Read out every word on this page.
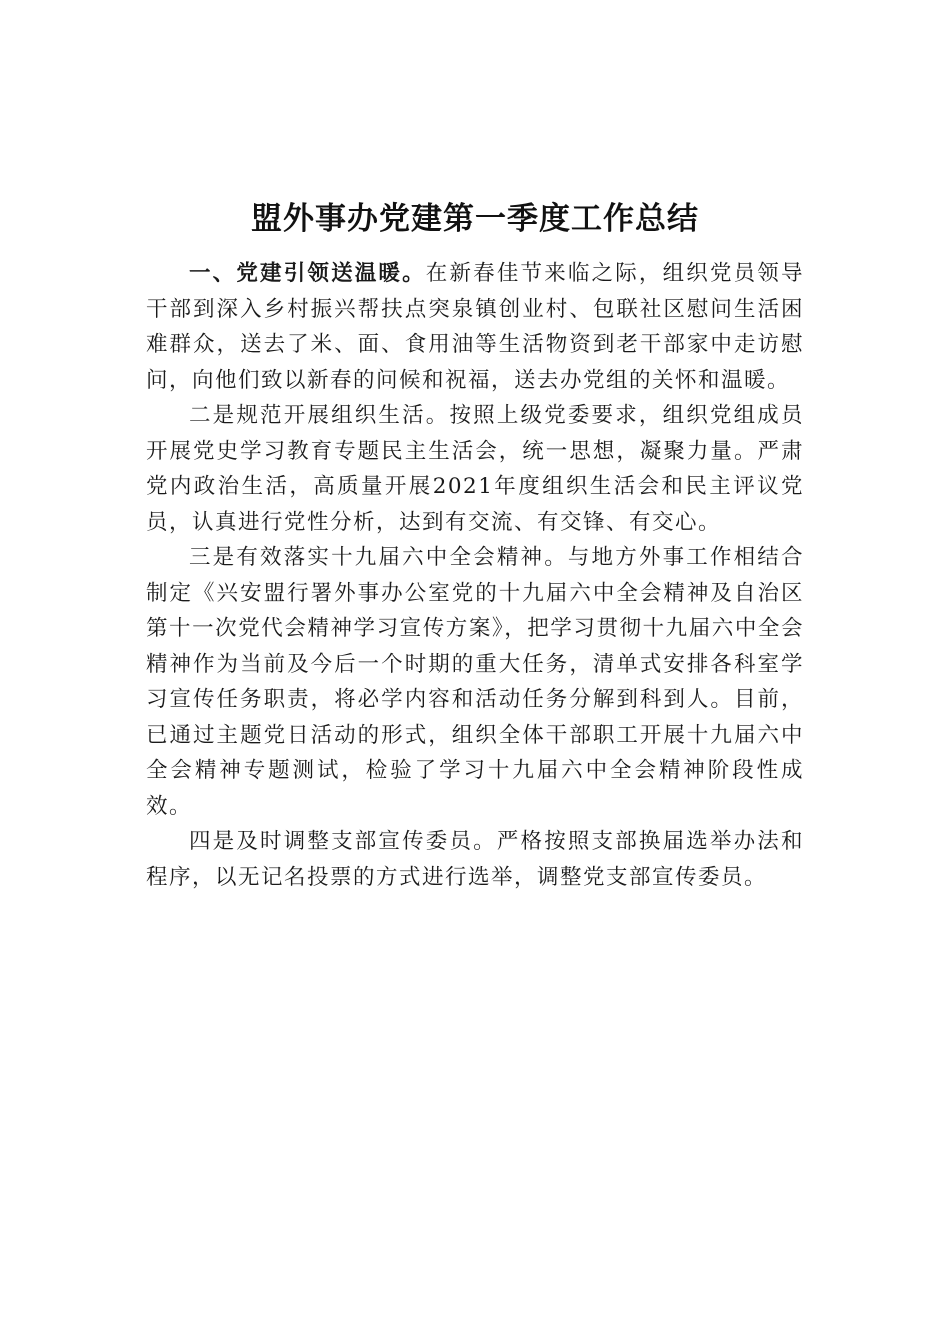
盟外事办党建第一季度工作总结

一、党建引领送温暖。在新春佳节来临之际，组织党员领导干部到深入乡村振兴帮扶点突泉镇创业村、包联社区慰问生活困难群众，送去了米、面、食用油等生活物资到老干部家中走访慰问，向他们致以新春的问候和祝福，送去办党组的关怀和温暖。

二是规范开展组织生活。按照上级党委要求，组织党组成员开展党史学习教育专题民主生活会，统一思想，凝聚力量。严肃党内政治生活，高质量开展2021年度组织生活会和民主评议党员，认真进行党性分析，达到有交流、有交锋、有交心。

三是有效落实十九届六中全会精神。与地方外事工作相结合制定《兴安盟行署外事办公室党的十九届六中全会精神及自治区第十一次党代会精神学习宣传方案》，把学习贯彻十九届六中全会精神作为当前及今后一个时期的重大任务，清单式安排各科室学习宣传任务职责，将必学内容和活动任务分解到科到人。目前，已通过主题党日活动的形式，组织全体干部职工开展十九届六中全会精神专题测试，检验了学习十九届六中全会精神阶段性成效。

四是及时调整支部宣传委员。严格按照支部换届选举办法和程序，以无记名投票的方式进行选举，调整党支部宣传委员。
